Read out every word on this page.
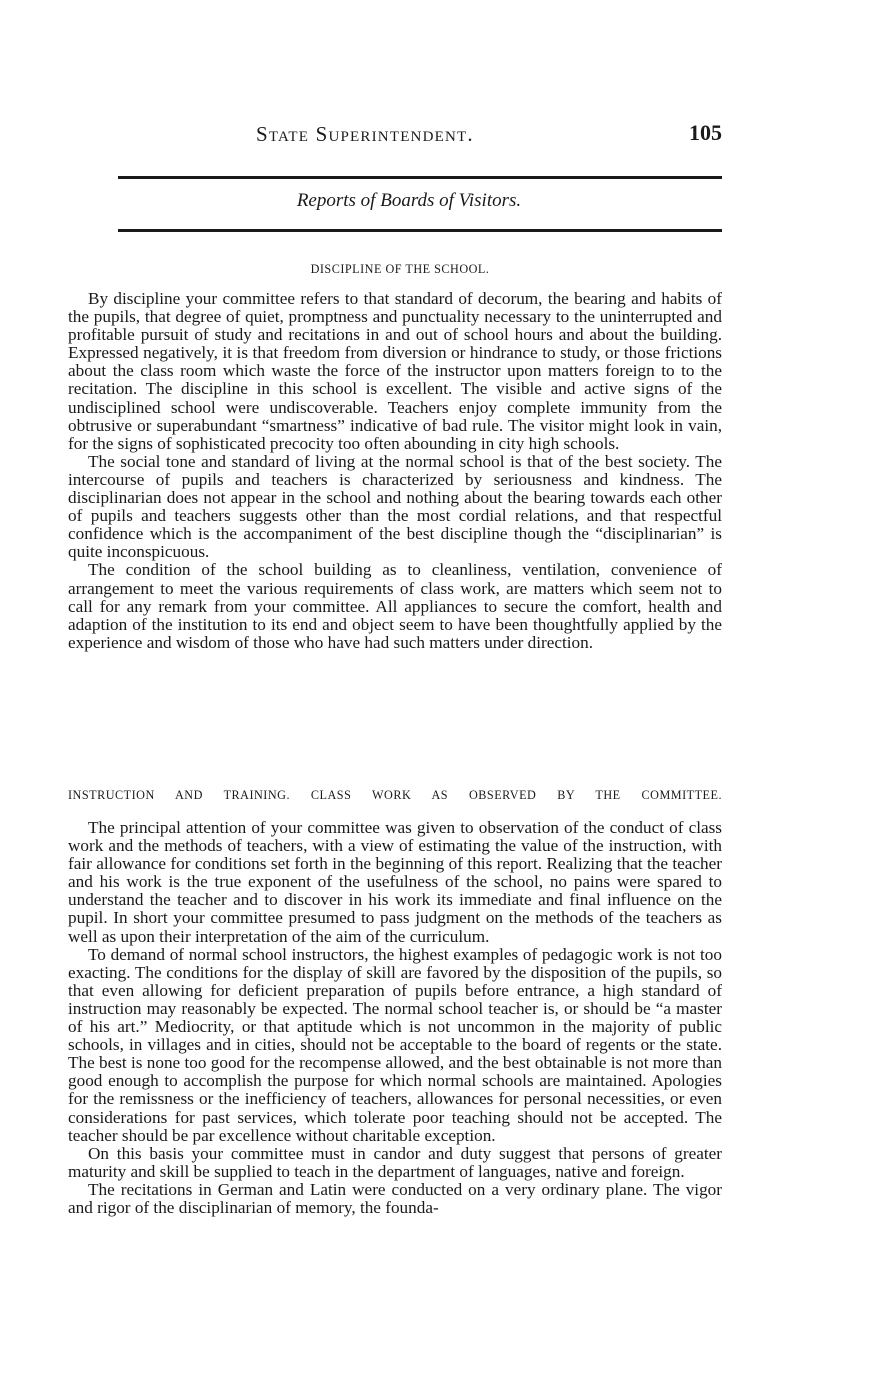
State Superintendent.	105
Reports of Boards of Visitors.
DISCIPLINE OF THE SCHOOL.

By discipline your committee refers to that standard of decorum, the bearing and habits of the pupils, that degree of quiet, promptness and punctuality necessary to the uninterrupted and profitable pursuit of study and recitations in and out of school hours and about the building. Expressed negatively, it is that freedom from diversion or hindrance to study, or those frictions about the class room which waste the force of the instructor upon matters foreign to to the recitation. The discipline in this school is excellent. The visible and active signs of the undisciplined school were undiscoverable. Teachers enjoy complete immunity from the obtrusive or superabundant “smartness” indicative of bad rule. The visitor might look in vain, for the signs of sophisticated precocity too often abounding in city high schools.

The social tone and standard of living at the normal school is that of the best society. The intercourse of pupils and teachers is characterized by seriousness and kindness. The disciplinarian does not appear in the school and nothing about the bearing towards each other of pupils and teachers suggests other than the most cordial relations, and that respectful confidence which is the accompaniment of the best discipline though the “disciplinarian” is quite inconspicuous.

The condition of the school building as to cleanliness, ventilation, convenience of arrangement to meet the various requirements of class work, are matters which seem not to call for any remark from your committee. All appliances to secure the comfort, health and adaption of the institution to its end and object seem to have been thoughtfully applied by the experience and wisdom of those who have had such matters under direction.

INSTRUCTION AND TRAINING. CLASS WORK AS OBSERVED BY THE COMMITTEE.

The principal attention of your committee was given to observation of the conduct of class work and the methods of teachers, with a view of estimating the value of the instruction, with fair allowance for conditions set forth in the beginning of this report. Realizing that the teacher and his work is the true exponent of the usefulness of the school, no pains were spared to understand the teacher and to discover in his work its immediate and final influence on the pupil. In short your committee presumed to pass judgment on the methods of the teachers as well as upon their interpretation of the aim of the curriculum.

To demand of normal school instructors, the highest examples of pedagogic work is not too exacting. The conditions for the display of skill are favored by the disposition of the pupils, so that even allowing for deficient preparation of pupils before entrance, a high standard of instruction may reasonably be expected. The normal school teacher is, or should be “a master of his art.” Mediocrity, or that aptitude which is not uncommon in the majority of public schools, in villages and in cities, should not be acceptable to the board of regents or the state. The best is none too good for the recompense allowed, and the best obtainable is not more than good enough to accomplish the purpose for which normal schools are maintained. Apologies for the remissness or the inefficiency of teachers, allowances for personal necessities, or even considerations for past services, which tolerate poor teaching should not be accepted. The teacher should be par excellence without charitable exception.

On this basis your committee must in candor and duty suggest that persons of greater maturity and skill be supplied to teach in the department of languages, native and foreign.

The recitations in German and Latin were conducted on a very ordinary plane. The vigor and rigor of the disciplinarian of memory, the founda-
